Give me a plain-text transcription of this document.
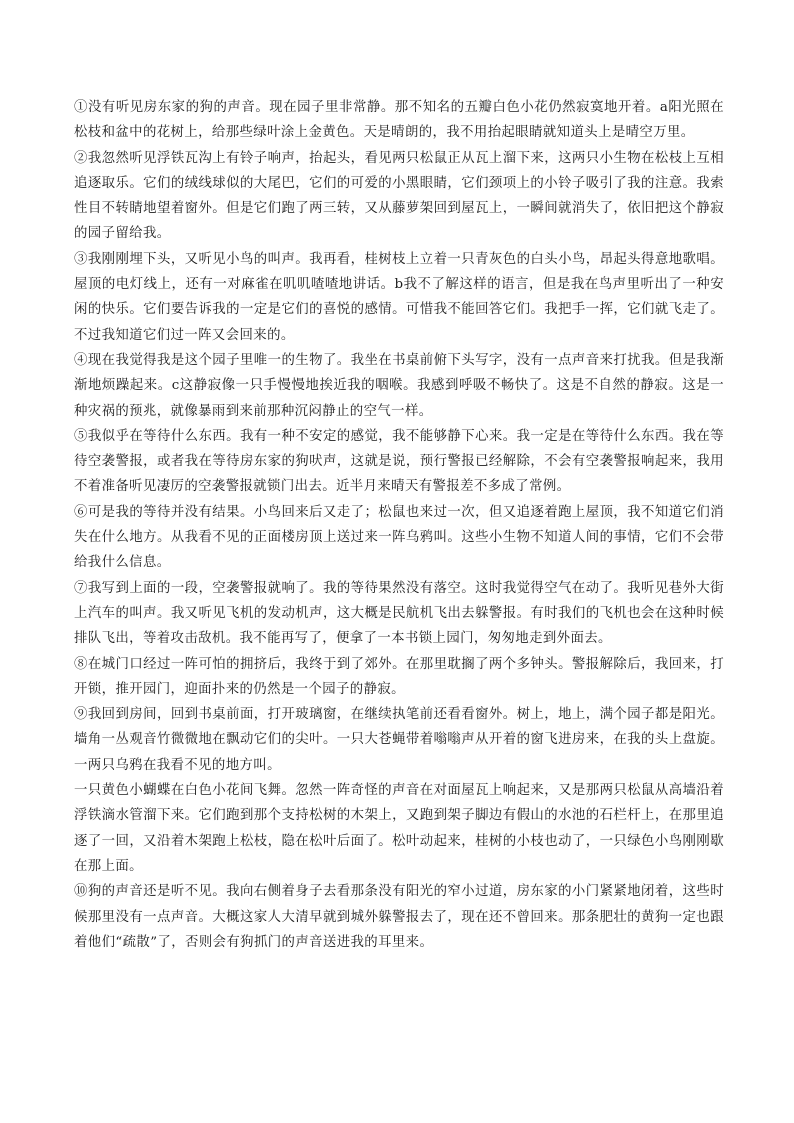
①没有听见房东家的狗的声音。现在园子里非常静。那不知名的五瓣白色小花仍然寂寞地开着。a阳光照在松枝和盆中的花树上，给那些绿叶涂上金黄色。天是晴朗的，我不用抬起眼睛就知道头上是晴空万里。

②我忽然听见浮铁瓦沟上有铃子响声，抬起头，看见两只松鼠正从瓦上溜下来，这两只小生物在松枝上互相追逐取乐。它们的绒线球似的大尾巴，它们的可爱的小黑眼睛，它们颈项上的小铃子吸引了我的注意。我索性目不转睛地望着窗外。但是它们跑了两三转，又从藤萝架回到屋瓦上，一瞬间就消失了，依旧把这个静寂的园子留给我。

③我刚刚埋下头，又听见小鸟的叫声。我再看，桂树枝上立着一只青灰色的白头小鸟，昂起头得意地歌唱。屋顶的电灯线上，还有一对麻雀在叽叽喳喳地讲话。b我不了解这样的语言，但是我在鸟声里听出了一种安闲的快乐。它们要告诉我的一定是它们的喜悦的感情。可惜我不能回答它们。我把手一挥，它们就飞走了。不过我知道它们过一阵又会回来的。

④现在我觉得我是这个园子里唯一的生物了。我坐在书桌前俯下头写字，没有一点声音来打扰我。但是我渐渐地烦躁起来。c这静寂像一只手慢慢地挨近我的咽喉。我感到呼吸不畅快了。这是不自然的静寂。这是一种灾祸的预兆，就像暴雨到来前那种沉闷静止的空气一样。

⑤我似乎在等待什么东西。我有一种不安定的感觉，我不能够静下心来。我一定是在等待什么东西。我在等待空袭警报，或者我在等待房东家的狗吠声，这就是说，预行警报已经解除，不会有空袭警报响起来，我用不着准备听见凄厉的空袭警报就锁门出去。近半月来晴天有警报差不多成了常例。

⑥可是我的等待并没有结果。小鸟回来后又走了；松鼠也来过一次，但又追逐着跑上屋顶，我不知道它们消失在什么地方。从我看不见的正面楼房顶上送过来一阵乌鸦叫。这些小生物不知道人间的事情，它们不会带给我什么信息。

⑦我写到上面的一段，空袭警报就响了。我的等待果然没有落空。这时我觉得空气在动了。我听见巷外大街上汽车的叫声。我又听见飞机的发动机声，这大概是民航机飞出去躲警报。有时我们的飞机也会在这种时候排队飞出，等着攻击敌机。我不能再写了，便拿了一本书锁上园门，匆匆地走到外面去。

⑧在城门口经过一阵可怕的拥挤后，我终于到了郊外。在那里耽搁了两个多钟头。警报解除后，我回来，打开锁，推开园门，迎面扑来的仍然是一个园子的静寂。

⑨我回到房间，回到书桌前面，打开玻璃窗，在继续执笔前还看看窗外。树上，地上，满个园子都是阳光。墙角一丛观音竹微微地在飘动它们的尖叶。一只大苍蝇带着嗡嗡声从开着的窗飞进房来，在我的头上盘旋。一两只乌鸦在我看不见的地方叫。

一只黄色小蝴蝶在白色小花间飞舞。忽然一阵奇怪的声音在对面屋瓦上响起来，又是那两只松鼠从高墙沿着浮铁滴水管溜下来。它们跑到那个支持松树的木架上，又跑到架子脚边有假山的水池的石栏杆上，在那里追逐了一回，又沿着木架跑上松枝，隐在松叶后面了。松叶动起来，桂树的小枝也动了，一只绿色小鸟刚刚歇在那上面。

⑩狗的声音还是听不见。我向右侧着身子去看那条没有阳光的窄小过道，房东家的小门紧紧地闭着，这些时候那里没有一点声音。大概这家人大清早就到城外躲警报去了，现在还不曾回来。那条肥壮的黄狗一定也跟着他们“疏散”了，否则会有狗抓门的声音送进我的耳里来。
